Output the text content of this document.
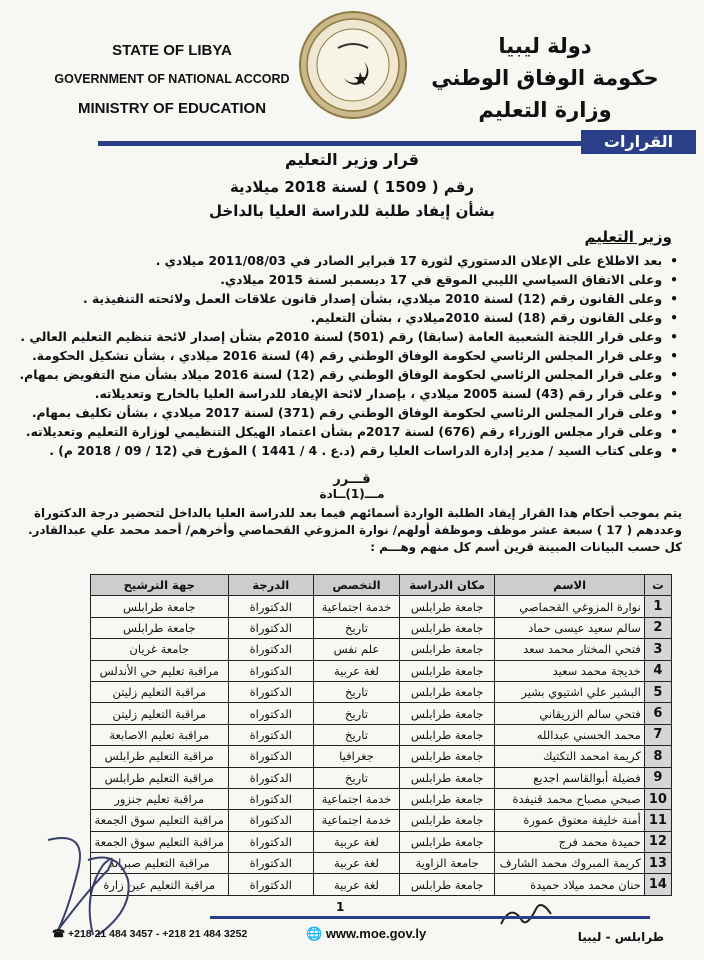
STATE OF LIBYA
GOVERNMENT OF NATIONAL ACCORD
MINISTRY OF EDUCATION
دولة ليبيا
حكومة الوفاق الوطني
وزارة التعليم
القرارات
قرار وزير التعليم
رقم ( 1509 ) لسنة 2018 ميلادية
بشأن إيفاد طلبة للدراسة العليا بالداخل
وزير التعليم
• بعد الاطلاع على الإعلان الدستوري لثورة 17 فبراير الصادر في 2011/08/03 ميلادي .
• وعلى الاتفاق السياسي الليبي الموقع في 17 ديسمبر لسنة 2015 ميلادي.
• وعلى القانون رقم (12) لسنة 2010 ميلادي، بشأن إصدار قانون علاقات العمل ولائحته التنفيذية .
• وعلى القانون رقم (18) لسنة 2010ميلادي ، بشأن التعليم.
• وعلى قرار اللجنة الشعبية العامة (سابقا) رقم (501) لسنة 2010م بشأن إصدار لائحة تنظيم التعليم العالي .
• وعلى قرار المجلس الرئاسي لحكومة الوفاق الوطني رقم (4) لسنة 2016 ميلادي ، بشأن تشكيل الحكومة.
• وعلى قرار المجلس الرئاسي لحكومة الوفاق الوطني رقم (12) لسنة 2016 ميلاد بشأن منح التفويض بمهام.
• وعلى قرار رقم (43) لسنة 2005 ميلادي ، بإصدار لائحة الإيفاد للدراسة العليا بالخارج وتعديلاته.
• وعلى قرار المجلس الرئاسي لحكومة الوفاق الوطني رقم (371) لسنة 2017 ميلادي ، بشأن تكليف بمهام.
• وعلى قرار مجلس الوزراء رقم (676) لسنة 2017م بشأن اعتماد الهيكل التنظيمي لوزارة التعليم وتعديلاته.
• وعلى كتاب السيد / مدير إدارة الدراسات العليا رقم (د.ع . 4 / 1441 ) المؤرخ في (12 / 09 / 2018 م) .
قـــرر
مـــ(1)ــادة
يتم بموجب أحكام هذا القرار إيفاد الطلبة الواردة أسمائهم فيما بعد للدراسة العليا بالداخل لتحضير درجة الدكتوراة
وعددهم ( 17 ) سبعة عشر موظف وموظفة أولهم/ نوارة المزوغي القحماصي وأخرهم/ أحمد محمد علي عبدالقادر.
كل حسب البيانات المبينة قرين أسم كل منهم وهـــم :
ت	الاسم	مكان الدراسة	التخصص	الدرجة	جهة الترشيح
1	نوارة المزوغي القحماصي	جامعة طرابلس	خدمة اجتماعية	الدكتوراة	جامعة طرابلس
2	سالم سعيد عيسى حماد	جامعة طرابلس	تاريخ	الدكتوراة	جامعة طرابلس
3	فتحي المختار محمد سعد	جامعة طرابلس	علم نفس	الدكتوراة	جامعة غريان
4	خديجة محمد سعيد	جامعة طرابلس	لغة عربية	الدكتوراة	مراقبة تعليم حي الأندلس
5	البشير علي اشتيوي بشير	جامعة طرابلس	تاريخ	الدكتوراة	مراقبة التعليم زليتن
6	فتحي سالم الزريقاني	جامعة طرابلس	تاريخ	الدكتوراه	مراقبة التعليم زليتن
7	محمد الحسني عبدالله	جامعة طرابلس	تاريخ	الدكتوراة	مراقبة تعليم الاصابعة
8	كريمة امحمد التكتيك	جامعة طرابلس	جغرافيا	الدكتوراة	مراقبة التعليم طرابلس
9	فضيلة أبوالقاسم اجديع	جامعة طرابلس	تاريخ	الدكتوراة	مراقبة التعليم طرابلس
10	صبحي مصباح محمد قنيفدة	جامعة طرابلس	خدمة اجتماعية	الدكتوراة	مراقبة تعليم جنزور
11	أمنة خليفة معتوق عمورة	جامعة طرابلس	خدمة اجتماعية	الدكتوراة	مراقبة التعليم سوق الجمعة
12	حميدة محمد فرج	جامعة طرابلس	لغة عربية	الدكتوراة	مراقبة التعليم سوق الجمعة
13	كريمة المبروك محمد الشارف	جامعة الزاوية	لغة عربية	الدكتوراة	مراقبة التعليم صبراتة
14	حنان محمد ميلاد حميدة	جامعة طرابلس	لغة عربية	الدكتوراة	مراقبة التعليم عين زارة
1
☎ +218 21 484 3457 - +218 21 484 3252	🌐 www.moe.gov.ly	طرابلس - ليبيا
